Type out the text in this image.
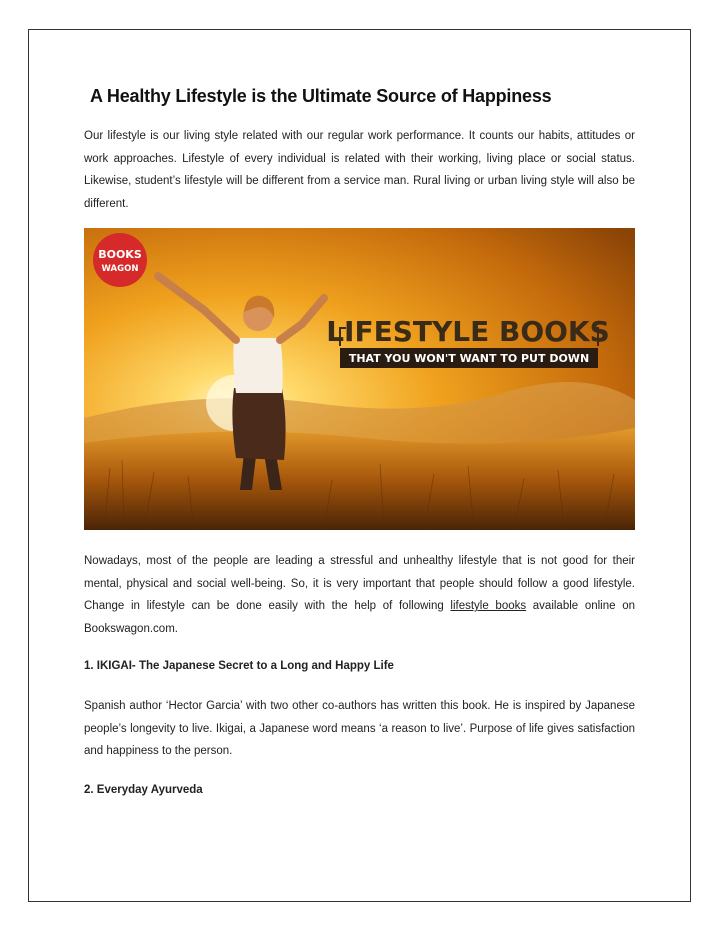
A Healthy Lifestyle is the Ultimate Source of Happiness

Our lifestyle is our living style related with our regular work performance. It counts our habits, attitudes or work approaches. Lifestyle of every individual is related with their working, living place or social status. Likewise, student’s lifestyle will be different from a service man. Rural living or urban living style will also be different.

BOOKS
WAGON
LIFESTYLE BOOKS
THAT YOU WON'T WANT TO PUT DOWN

Nowadays, most of the people are leading a stressful and unhealthy lifestyle that is not good for their mental, physical and social well-being. So, it is very important that people should follow a good lifestyle. Change in lifestyle can be done easily with the help of following lifestyle books available online on Bookswagon.com.

1. IKIGAI- The Japanese Secret to a Long and Happy Life

Spanish author ‘Hector Garcia’ with two other co-authors has written this book. He is inspired by Japanese people’s longevity to live. Ikigai, a Japanese word means ‘a reason to live’. Purpose of life gives satisfaction and happiness to the person.

2. Everyday Ayurveda
